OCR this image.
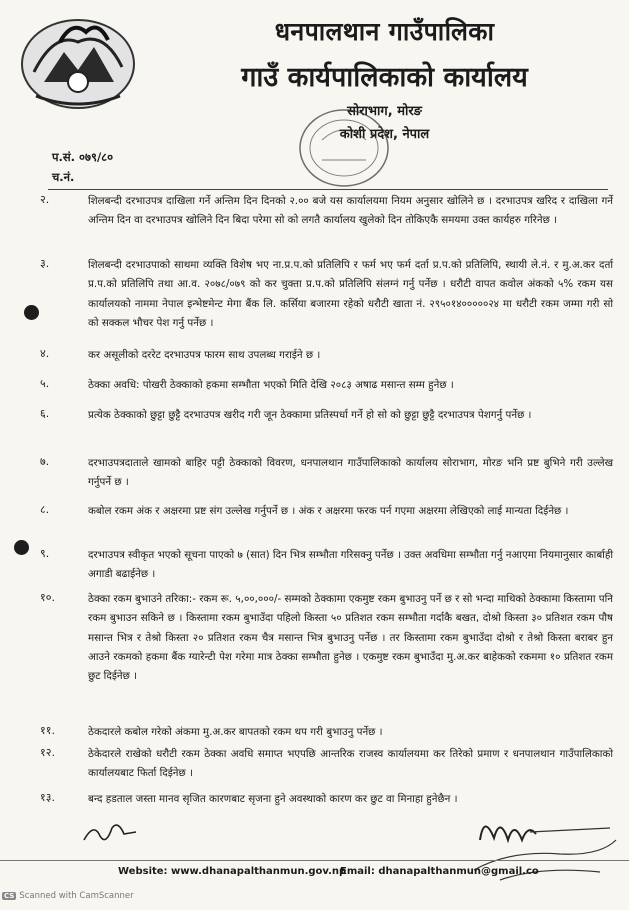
धनपालथान गाउँपालिका
गाउँ कार्यपालिकाको कार्यालय
सोराभाग, मोरङ
कोशी प्रदेश, नेपाल
प.सं. ०७९/८०
च.नं.
२.	शिलबन्दी दरभाउपत्र दाखिला गर्ने अन्तिम दिन दिनको २.०० बजे यस कार्यालयमा नियम अनुसार खोलिने छ । दरभाउपत्र खरिद र दाखिला गर्ने अन्तिम दिन वा दरभाउपत्र खोलिने दिन बिदा परेमा सो को लगतै कार्यालय खुलेको दिन तोकिएकै समयमा उक्त कार्यहरु गरिनेछ ।
३.	शिलबन्दी दरभाउपाको साथमा व्यक्ति विशेष भए ना.प्र.प.को प्रतिलिपि र फर्म भए फर्म दर्ता प्र.प.को प्रतिलिपि, स्थायी ले.नं. र मु.अ.कर दर्ता प्र.प.को प्रतिलिपि तथा आ.व. २०७८/०७९ को कर चुक्ता प्र.प.को प्रतिलिपि संलग्नं गर्नु पर्नेछ । धरौटी वापत कवोल अंकको ५% रकम यस कार्यालयको नाममा नेपाल इन्भेष्टमेन्ट मेगा बैंक लि. कर्सिया बजारमा रहेको धरौटी खाता नं. २९५०१४०००००२४ मा धरौटी रकम जम्मा गरी सो को सक्कल भौचर पेश गर्नु पर्नेछ ।
४.	कर असूलीको दररेट दरभाउपत्र फारम साथ उपलब्ध गराईने छ ।
५.	ठेक्का अवधि: पोखरी ठेक्काको हकमा सम्भौता भएको मिति देखि २०८३ अषाढ मसान्त सम्म हुनेछ ।
६.	प्रत्येक ठेक्काको छुट्टा छुट्टै दरभाउपत्र खरीद गरी जून ठेक्कामा प्रतिस्पर्धा गर्ने हो सो को छुट्टा छुट्टै दरभाउपत्र पेशगर्नु पर्नेछ ।
७.	दरभाउपत्रदाताले खामको बाहिर पट्टी ठेक्काको विवरण, धनपालथान गाउँपालिकाको कार्यालय सोराभाग, मोरङ भनि प्रष्ट बुभिने गरी उल्लेख गर्नुपर्ने छ ।
८.	कबोल रकम अंक र अक्षरमा प्रष्ट संग उल्लेख गर्नुपर्ने छ । अंक र अक्षरमा फरक पर्न गएमा अक्षरमा लेखिएको लाई मान्यता दिईनेछ ।
९.	दरभाउपत्र स्वीकृत भएको सूचना पाएको ७ (सात) दिन भित्र सम्भौता गरिसक्नु पर्नेछ । उक्त अवधिमा सम्भौता गर्नु नआएमा नियमानुसार कार्बाही अगाडी बढाईनेछ ।
१०.	ठेक्का रकम बुभाउने तरिका:- रकम रू. ५,००,०००/- सम्मको ठेक्कामा एकमुष्ट रकम बुभाउनु पर्ने छ र सो भन्दा माथिको ठेक्कामा किस्तामा पनि रकम बुभाउन सकिने छ । किस्तामा रकम बुभाउँदा पहिलो किस्ता ५० प्रतिशत रकम सम्भौता गर्दाकै बखत, दोश्रो किस्ता ३० प्रतिशत रकम पौष मसान्त भित्र र तेश्रो किस्ता २० प्रतिशत रकम चैत्र मसान्त भित्र बुभाउनु पर्नेछ । तर किस्तामा रकम बुभाउँदा दोश्रो र तेश्रो किस्ता बराबर हुन आउने रकमको हकमा बैंक ग्यारेन्टी पेश गरेमा मात्र ठेक्का सम्भौता हुनेछ । एकमुष्ट रकम बुभाउँदा मु.अ.कर बाहेकको रकममा १० प्रतिशत रकम छुट दिईनेछ ।
११.	ठेकदारले कबोल गरेको अंकमा मु.अ.कर बापतको रकम थप गरी बुभाउनु पर्नेछ ।
१२.	ठेकेदारले राखेको धरौटी रकम ठेक्का अवधि समाप्त भएपछि आन्तरिक राजस्व कार्यालयमा कर तिरेको प्रमाण र धनपालथान गाउँपालिकाको कार्यालयबाट फिर्ता दिईनेछ ।
१३.	बन्द हडताल जस्ता मानव सृजित कारणबाट सृजना हुने अवस्थाको कारण कर छुट वा मिनाहा हुनेछैन ।
Website: www.dhanapalthanmun.gov.np
Email: dhanapalthanmun@gmail.co
CS Scanned with CamScanner
